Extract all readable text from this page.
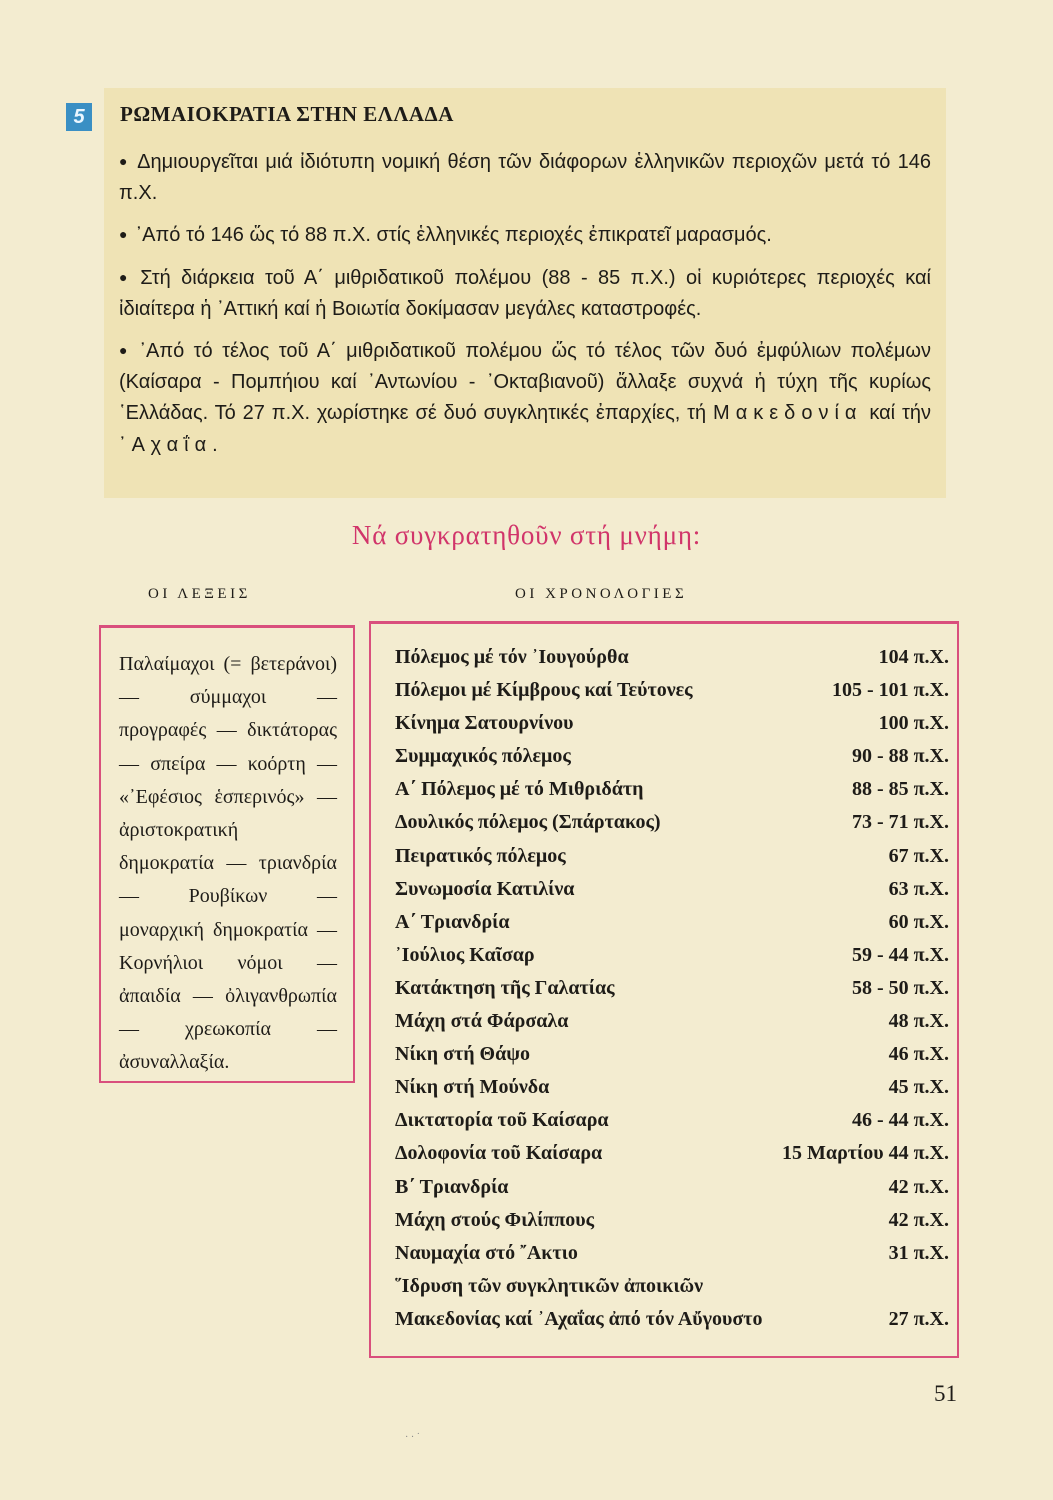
5	ΡΩΜΑΙΟΚΡΑΤΙΑ ΣΤΗΝ ΕΛΛΑΔΑ

● Δημιουργεῖται μιά ἰδιότυπη νομική θέση τῶν διάφορων ἑλληνικῶν περιοχῶν μετά τό 146 π.Χ.

● ᾿Από τό 146 ὥς τό 88 π.Χ. στίς ἑλληνικές περιοχές ἐπικρατεῖ μαρασμός.

● Στή διάρκεια τοῦ Α΄ μιθριδατικοῦ πολέμου (88 - 85 π.Χ.) οἱ κυριότερες περιοχές καί ἰδιαίτερα ἡ ᾿Αττική καί ἡ Βοιωτία δοκίμασαν μεγάλες καταστροφές.

● ᾿Από τό τέλος τοῦ Α΄ μιθριδατικοῦ πολέμου ὥς τό τέλος τῶν δυό ἐμφύλιων πολέμων (Καίσαρα - Πομπήιου καί ᾿Αντωνίου - ᾿Οκταβιανοῦ) ἄλλαξε συχνά ἡ τύχη τῆς κυρίως ῾Ελλάδας. Τό 27 π.Χ. χωρίστηκε σέ δυό συγκλητικές ἐπαρχίες, τή Μακεδονία καί τήν ᾿Αχαΐα.

Νά συγκρατηθοῦν στή μνήμη:
ΟΙ ΛΕΞΕΙΣ	ΟΙ ΧΡΟΝΟΛΟΓΙΕΣ
Παλαίμαχοι (= βετεράνοι) — σύμμαχοι — προγραφές — δικτάτορας — σπείρα — κοόρτη — «᾿Εφέσιος ἑσπερινός» — ἀριστοκρατική δημοκρατία — τριανδρία — Ρουβίκων — μοναρχική δημοκρατία — Κορνήλιοι νόμοι — ἀπαιδία — ὀλιγανθρωπία — χρεωκοπία — ἀσυναλλαξία.
Πόλεμος μέ τόν ᾿Ιουγούρθα	104 π.Χ.
Πόλεμοι μέ Κίμβρους καί Τεύτονες	105 - 101 π.Χ.
Κίνημα Σατουρνίνου	100 π.Χ.
Συμμαχικός πόλεμος	90 - 88 π.Χ.
Α΄ Πόλεμος μέ τό Μιθριδάτη	88 - 85 π.Χ.
Δουλικός πόλεμος (Σπάρτακος)	73 - 71 π.Χ.
Πειρατικός πόλεμος	67 π.Χ.
Συνωμοσία Κατιλίνα	63 π.Χ.
Α΄ Τριανδρία	60 π.Χ.
᾿Ιούλιος Καῖσαρ	59 - 44 π.Χ.
Κατάκτηση τῆς Γαλατίας	58 - 50 π.Χ.
Μάχη στά Φάρσαλα	48 π.Χ.
Νίκη στή Θάψο	46 π.Χ.
Νίκη στή Μούνδα	45 π.Χ.
Δικτατορία τοῦ Καίσαρα	46 - 44 π.Χ.
Δολοφονία τοῦ Καίσαρα	15 Μαρτίου 44 π.Χ.
Β΄ Τριανδρία	42 π.Χ.
Μάχη στούς Φιλίππους	42 π.Χ.
Ναυμαχία στό ῎Ακτιο	31 π.Χ.
῞Ιδρυση τῶν συγκλητικῶν ἀποικιῶν
Μακεδονίας καί ᾿Αχαΐας ἀπό τόν Αὔγουστο	27 π.Χ.
51
· · ˙
